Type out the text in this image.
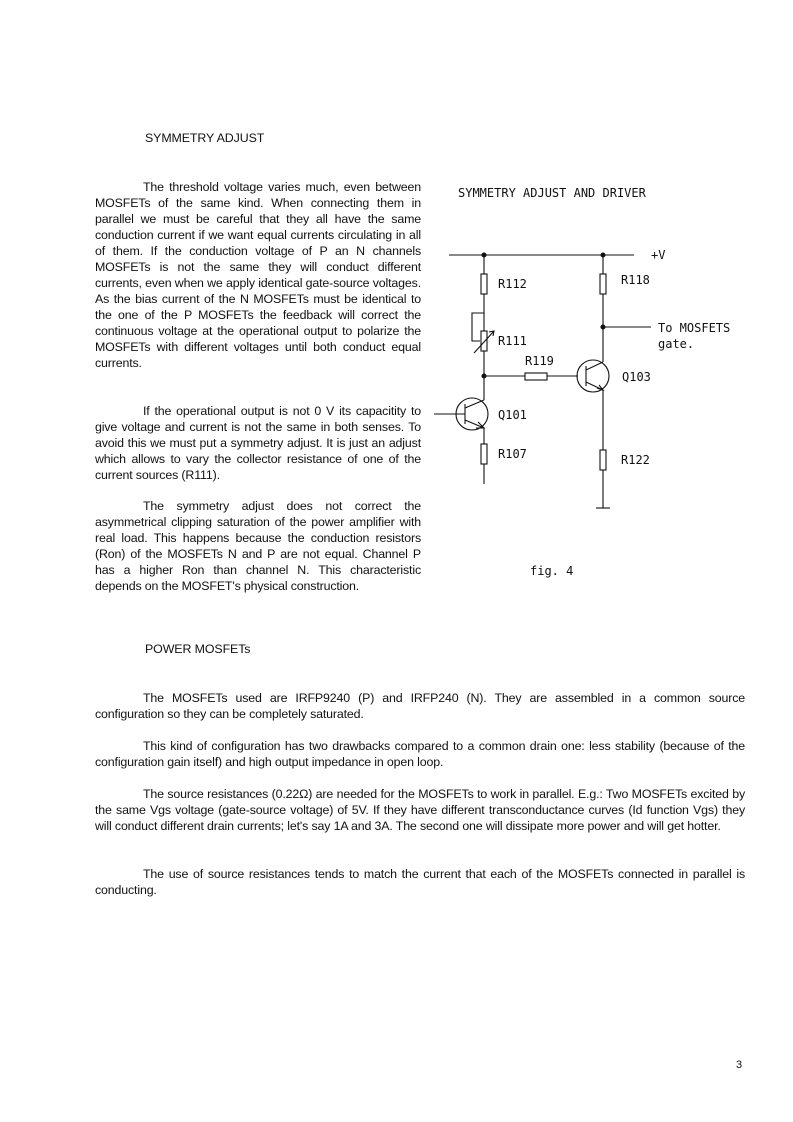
SYMMETRY ADJUST

The threshold voltage varies much, even between MOSFETs of the same kind. When connecting them in parallel we must be careful that they all have the same conduction current if we want equal currents circulating in all of them. If the conduction voltage of P an N channels MOSFETs is not the same they will conduct different currents, even when we apply identical gate-source voltages. As the bias current of the N MOSFETs must be identical to the one of the P MOSFETs the feedback will correct the continuous voltage at the operational output to polarize the MOSFETs with different voltages until both conduct equal currents.

If the operational output is not 0 V its capacitity to give voltage and current is not the same in both senses. To avoid this we must put a symmetry adjust. It is just an adjust which allows to vary the collector resistance of one of the current sources (R111).

The symmetry adjust does not correct the asymmetrical clipping saturation of the power amplifier with real load. This happens because the conduction resistors (Ron) of the MOSFETs N and P are not equal. Channel P has a higher Ron than channel N. This characteristic depends on the MOSFET's physical construction.

SYMMETRY ADJUST AND DRIVER
+V
R112	R118
R111
R119
Q103
Q101
R107	R122
To MOSFETS
gate.
fig. 4
POWER MOSFETs

The MOSFETs used are IRFP9240 (P) and IRFP240 (N). They are assembled in a common source configuration so they can be completely saturated.

This kind of configuration has two drawbacks compared to a common drain one: less stability (because of the configuration gain itself) and high output impedance in open loop.

The source resistances (0.22Ω) are needed for the MOSFETs to work in parallel. E.g.: Two MOSFETs excited by the same Vgs voltage (gate-source voltage) of 5V. If they have different transconductance curves (Id function Vgs) they will conduct different drain currents; let's say 1A and 3A. The second one will dissipate more power and will get hotter.

The use of source resistances tends to match the current that each of the MOSFETs connected in parallel is conducting.

3
